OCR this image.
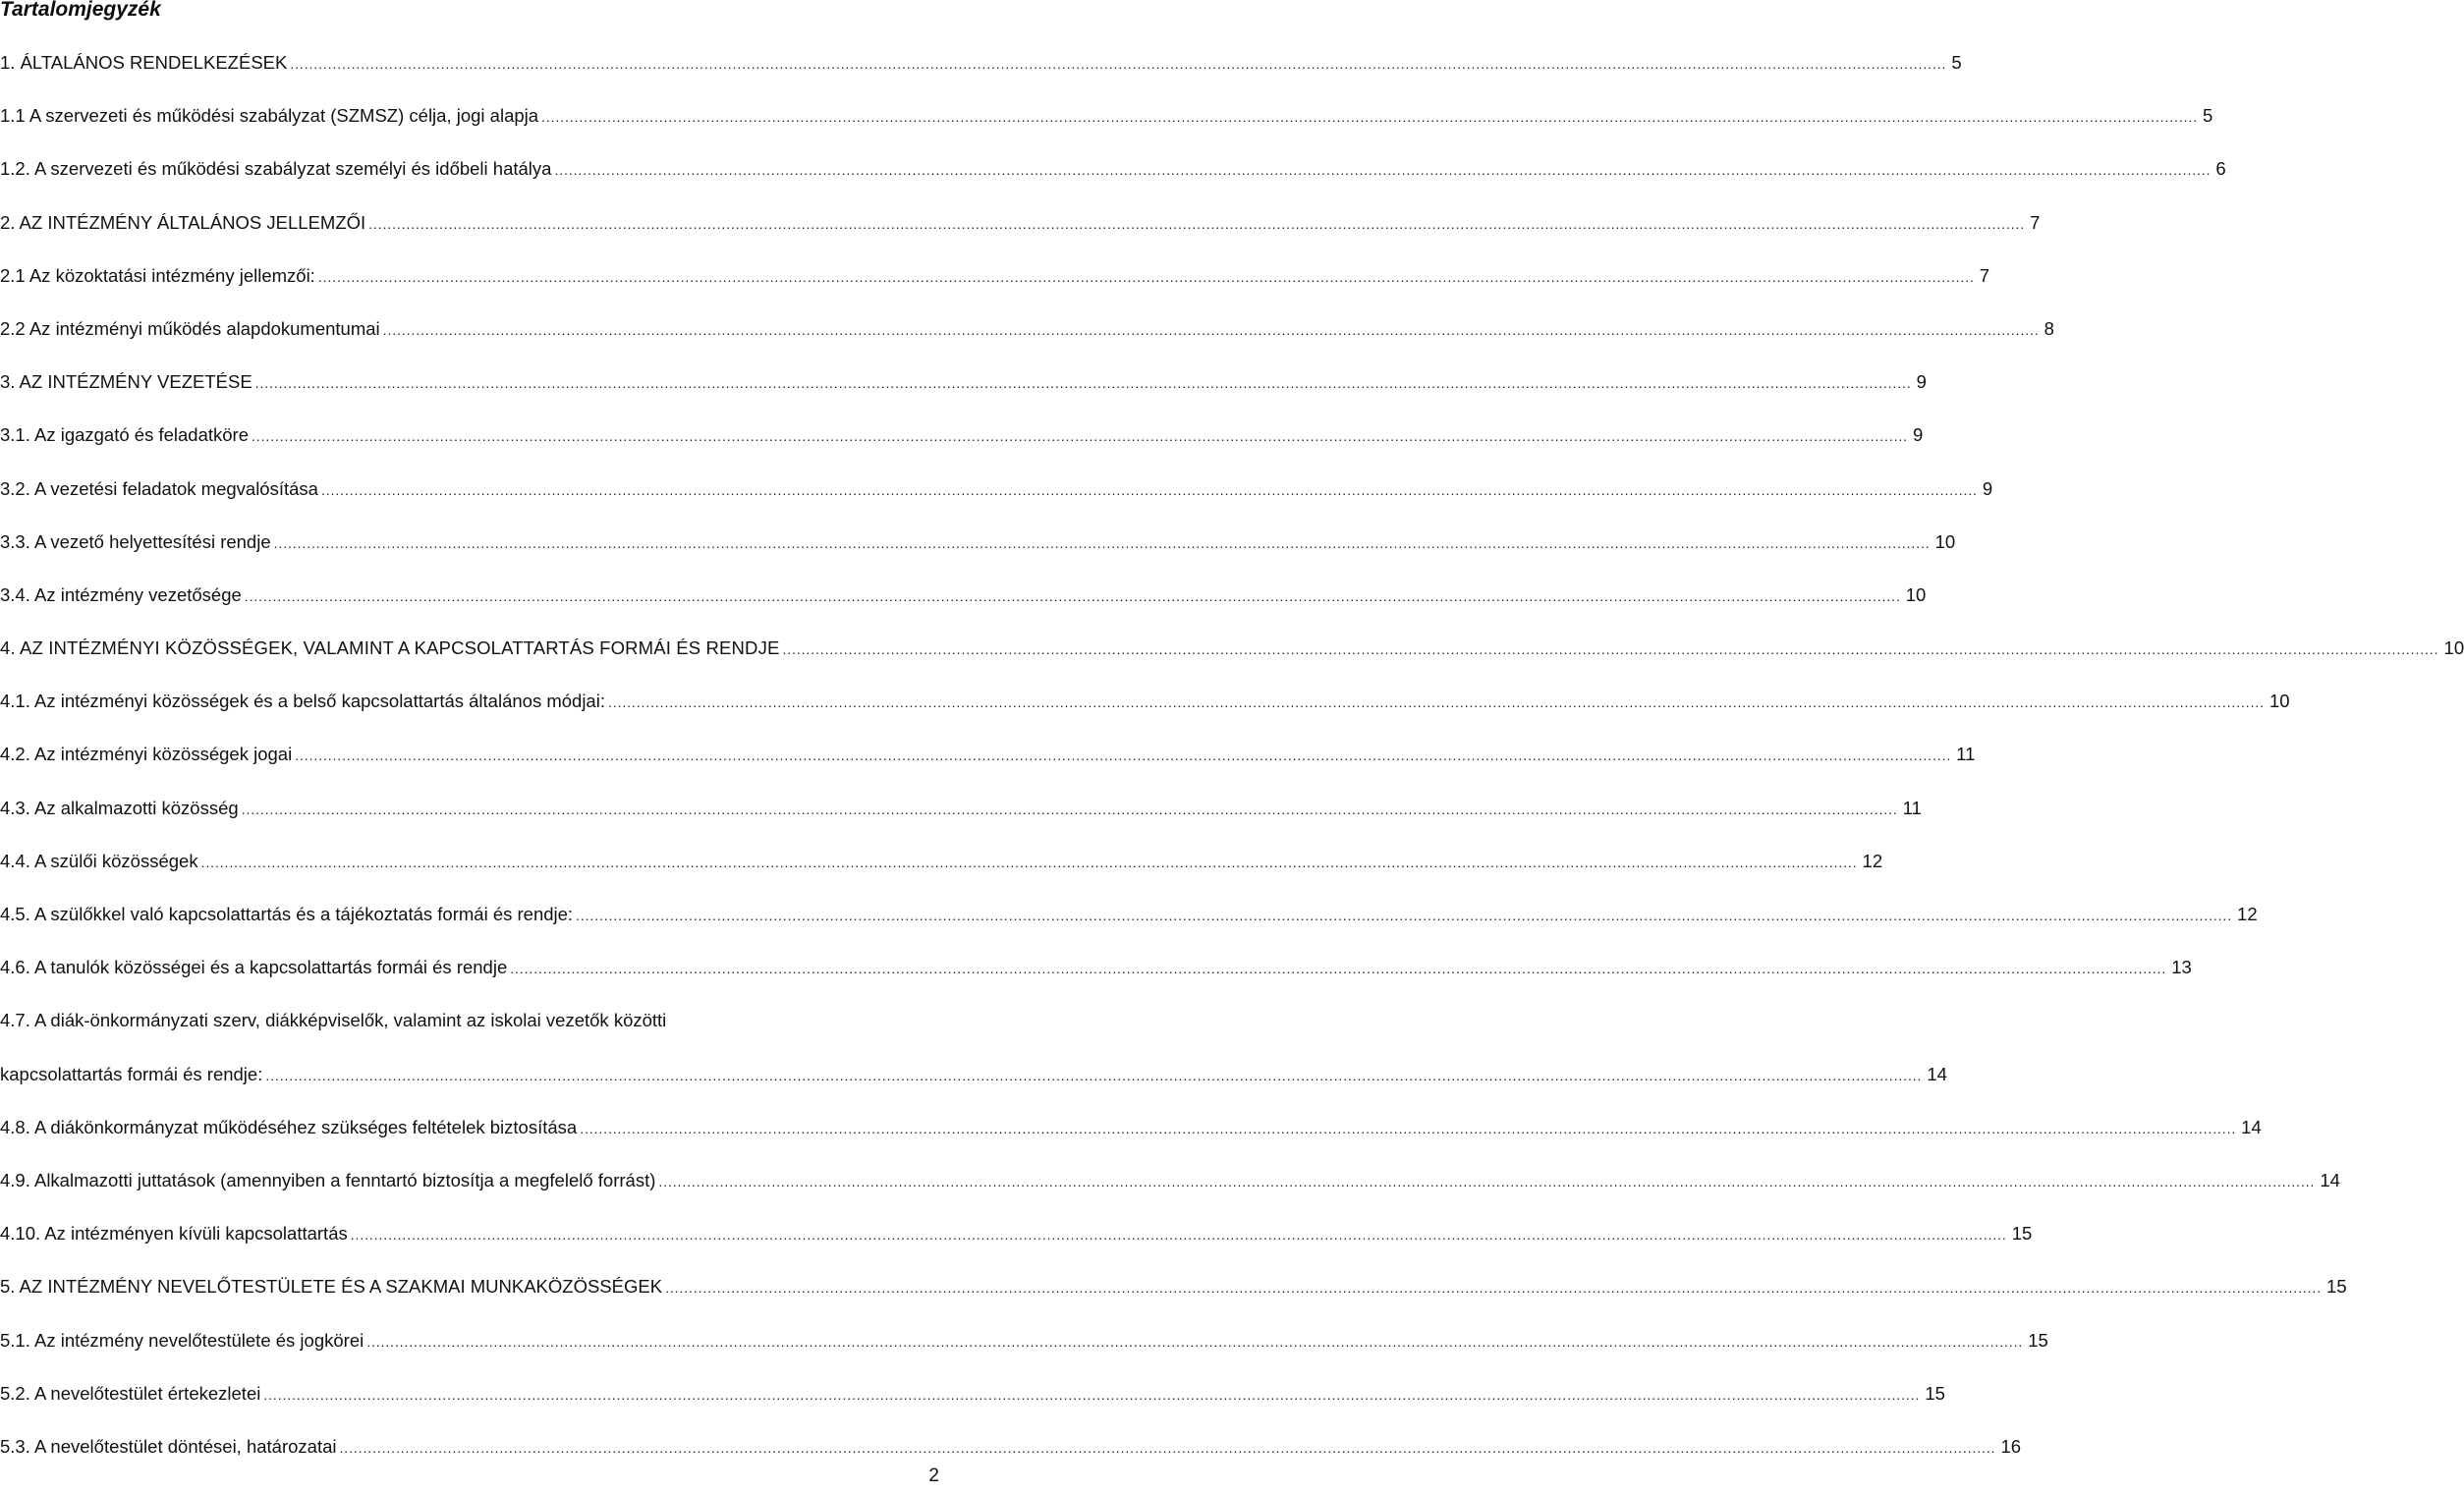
Tartalomjegyzék
1. ÁLTALÁNOS RENDELKEZÉSEK .....	5
1.1 A szervezeti és működési szabályzat (SZMSZ) célja, jogi alapja .....	5
1.2. A szervezeti és működési szabályzat személyi és időbeli hatálya .....	6
2. AZ INTÉZMÉNY ÁLTALÁNOS JELLEMZŐI .....	7
2.1 Az közoktatási intézmény jellemzői: .....	7
2.2 Az intézményi működés alapdokumentumai .....	8
3. AZ INTÉZMÉNY VEZETÉSE .....	9
3.1. Az igazgató és feladatköre .....	9
3.2. A vezetési feladatok megvalósítása .....	9
3.3. A vezető helyettesítési rendje .....	10
3.4. Az intézmény vezetősége .....	10
4. AZ INTÉZMÉNYI KÖZÖSSÉGEK, VALAMINT A KAPCSOLATTARTÁS FORMÁI ÉS RENDJE .....	10
4.1. Az intézményi közösségek és a belső kapcsolattartás általános módjai: .....	10
4.2. Az intézményi közösségek jogai .....	11
4.3. Az alkalmazotti közösség .....	11
4.4. A szülői közösségek .....	12
4.5. A szülőkkel való kapcsolattartás és a tájékoztatás formái és rendje: .....	12
4.6. A tanulók közösségei és a kapcsolattartás formái és rendje .....	13
4.7. A diák-önkormányzati szerv, diákképviselők, valamint az iskolai vezetők közötti
kapcsolattartás formái és rendje: .....	14
4.8. A diákönkormányzat működéséhez szükséges feltételek biztosítása .....	14
4.9. Alkalmazotti juttatások (amennyiben a fenntartó biztosítja a megfelelő forrást) .....	14
4.10. Az intézményen kívüli kapcsolattartás .....	15
5. AZ INTÉZMÉNY NEVELŐTESTÜLETE ÉS A SZAKMAI MUNKAKÖZÖSSÉGEK .....	15
5.1. Az intézmény nevelőtestülete és jogkörei .....	15
5.2. A nevelőtestület értekezletei .....	15
5.3. A nevelőtestület döntései, határozatai .....	16
2
